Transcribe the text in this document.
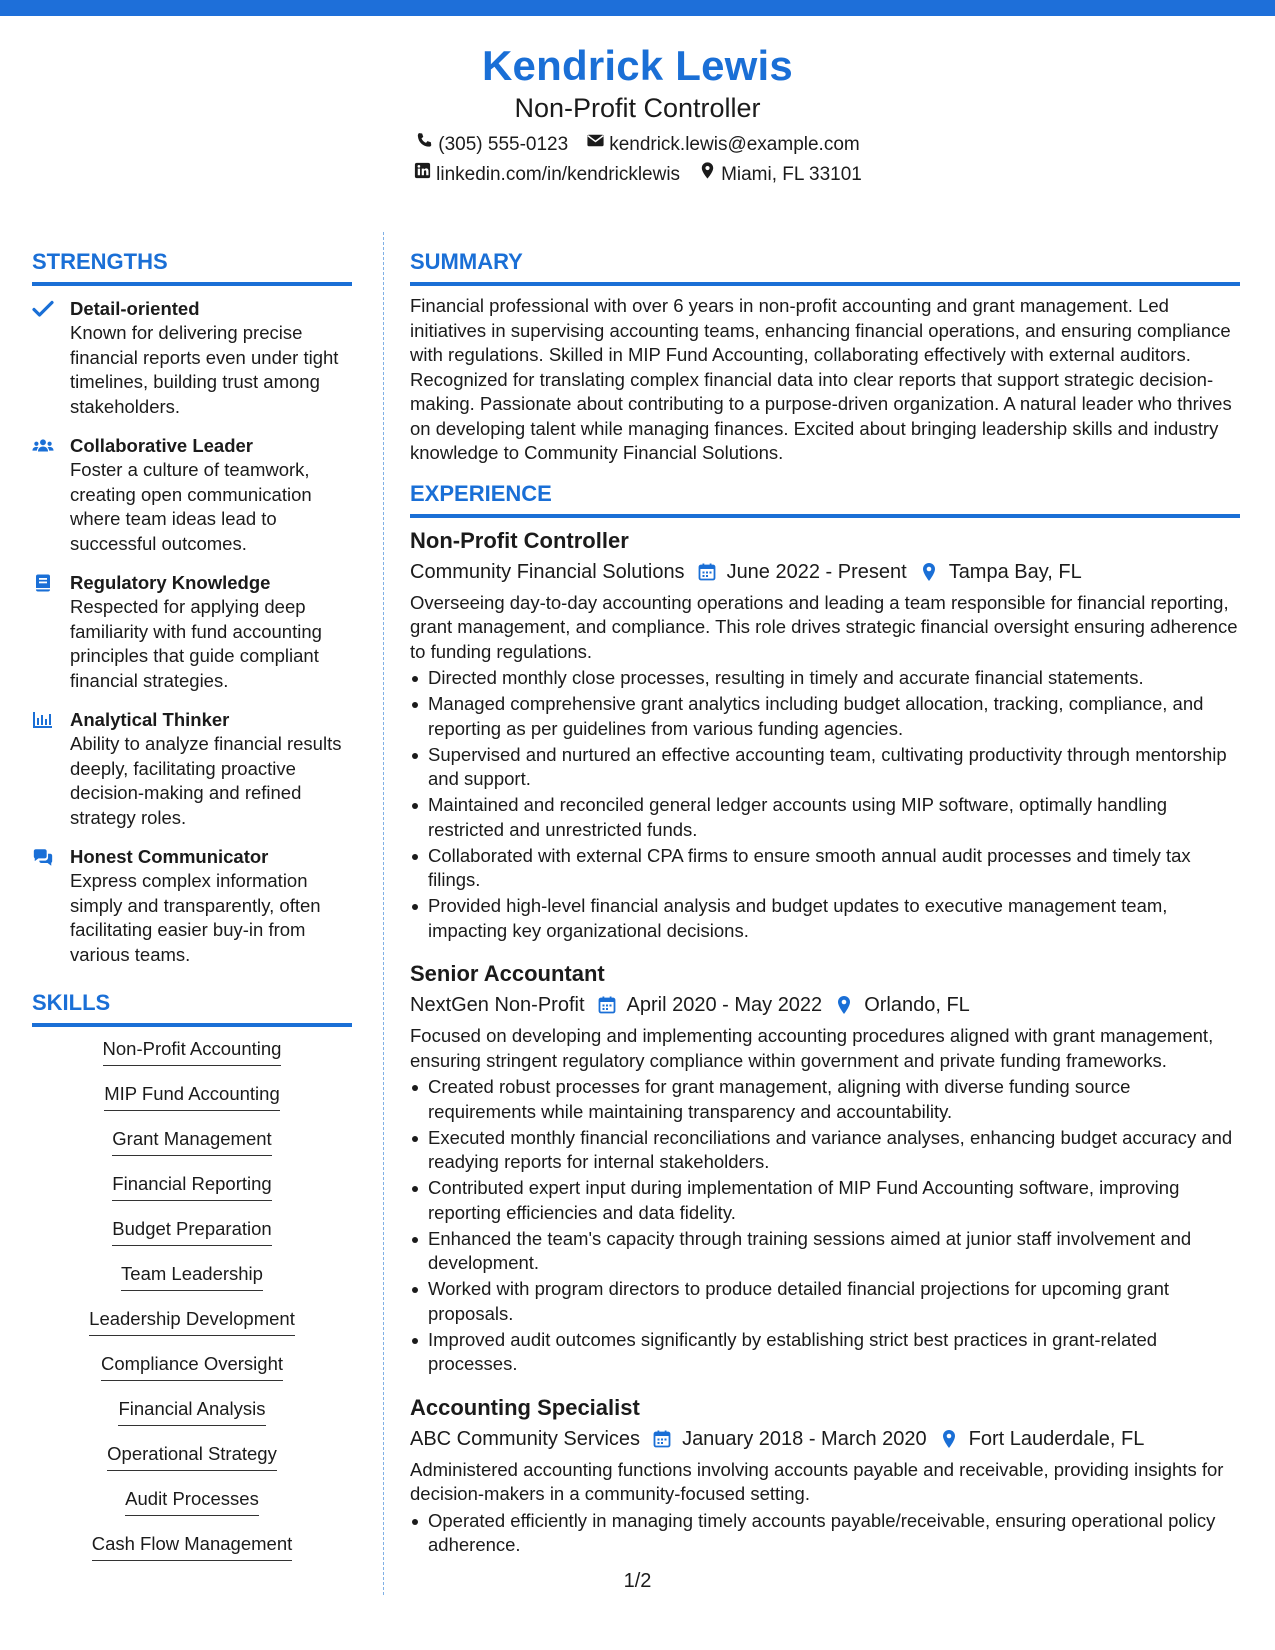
Kendrick Lewis
Non-Profit Controller
(305) 555-0123 kendrick.lewis@example.com
linkedin.com/in/kendricklewis Miami, FL 33101
STRENGTHS
Detail-oriented
Known for delivering precise financial reports even under tight timelines, building trust among stakeholders.
Collaborative Leader
Foster a culture of teamwork, creating open communication where team ideas lead to successful outcomes.
Regulatory Knowledge
Respected for applying deep familiarity with fund accounting principles that guide compliant financial strategies.
Analytical Thinker
Ability to analyze financial results deeply, facilitating proactive decision-making and refined strategy roles.
Honest Communicator
Express complex information simply and transparently, often facilitating easier buy-in from various teams.
SKILLS
Non-Profit Accounting
MIP Fund Accounting
Grant Management
Financial Reporting
Budget Preparation
Team Leadership
Leadership Development
Compliance Oversight
Financial Analysis
Operational Strategy
Audit Processes
Cash Flow Management
SUMMARY
Financial professional with over 6 years in non-profit accounting and grant management. Led initiatives in supervising accounting teams, enhancing financial operations, and ensuring compliance with regulations. Skilled in MIP Fund Accounting, collaborating effectively with external auditors. Recognized for translating complex financial data into clear reports that support strategic decision-making. Passionate about contributing to a purpose-driven organization. A natural leader who thrives on developing talent while managing finances. Excited about bringing leadership skills and industry knowledge to Community Financial Solutions.
EXPERIENCE
Non-Profit Controller
Community Financial Solutions June 2022 - Present Tampa Bay, FL
Overseeing day-to-day accounting operations and leading a team responsible for financial reporting, grant management, and compliance. This role drives strategic financial oversight ensuring adherence to funding regulations.
Directed monthly close processes, resulting in timely and accurate financial statements.
Managed comprehensive grant analytics including budget allocation, tracking, compliance, and reporting as per guidelines from various funding agencies.
Supervised and nurtured an effective accounting team, cultivating productivity through mentorship and support.
Maintained and reconciled general ledger accounts using MIP software, optimally handling restricted and unrestricted funds.
Collaborated with external CPA firms to ensure smooth annual audit processes and timely tax filings.
Provided high-level financial analysis and budget updates to executive management team, impacting key organizational decisions.
Senior Accountant
NextGen Non-Profit April 2020 - May 2022 Orlando, FL
Focused on developing and implementing accounting procedures aligned with grant management, ensuring stringent regulatory compliance within government and private funding frameworks.
Created robust processes for grant management, aligning with diverse funding source requirements while maintaining transparency and accountability.
Executed monthly financial reconciliations and variance analyses, enhancing budget accuracy and readying reports for internal stakeholders.
Contributed expert input during implementation of MIP Fund Accounting software, improving reporting efficiencies and data fidelity.
Enhanced the team's capacity through training sessions aimed at junior staff involvement and development.
Worked with program directors to produce detailed financial projections for upcoming grant proposals.
Improved audit outcomes significantly by establishing strict best practices in grant-related processes.
Accounting Specialist
ABC Community Services January 2018 - March 2020 Fort Lauderdale, FL
Administered accounting functions involving accounts payable and receivable, providing insights for decision-makers in a community-focused setting.
Operated efficiently in managing timely accounts payable/receivable, ensuring operational policy adherence.
1/2
